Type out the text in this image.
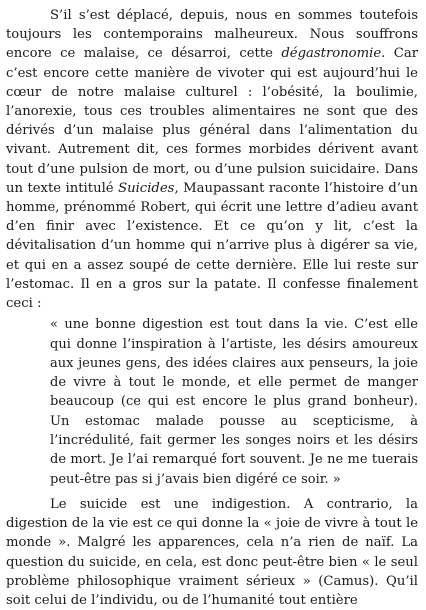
S’il s’est déplacé, depuis, nous en sommes toutefois toujours les contemporains malheureux. Nous souffrons encore ce malaise, ce désarroi, cette dégastronomie. Car c’est encore cette manière de vivoter qui est aujourd’hui le cœur de notre malaise culturel : l’obésité, la boulimie, l’anorexie, tous ces troubles alimentaires ne sont que des dérivés d’un malaise plus général dans l’alimentation du vivant. Autrement dit, ces formes morbides dérivent avant tout d’une pulsion de mort, ou d’une pulsion suicidaire. Dans un texte intitulé Suicides, Maupassant raconte l’histoire d’un homme, prénommé Robert, qui écrit une lettre d’adieu avant d’en finir avec l’existence. Et ce qu’on y lit, c’est la dévitalisation d’un homme qui n’arrive plus à digérer sa vie, et qui en a assez soupé de cette dernière. Elle lui reste sur l’estomac. Il en a gros sur la patate. Il confesse finalement ceci :

« une bonne digestion est tout dans la vie. C’est elle qui donne l’inspiration à l’artiste, les désirs amoureux aux jeunes gens, des idées claires aux penseurs, la joie de vivre à tout le monde, et elle permet de manger beaucoup (ce qui est encore le plus grand bonheur). Un estomac malade pousse au scepticisme, à l’incrédulité, fait germer les songes noirs et les désirs de mort. Je l’ai remarqué fort souvent. Je ne me tuerais peut-être pas si j’avais bien digéré ce soir. »

Le suicide est une indigestion. A contrario, la digestion de la vie est ce qui donne la « joie de vivre à tout le monde ». Malgré les apparences, cela n’a rien de naïf. La question du suicide, en cela, est donc peut-être bien « le seul problème philosophique vraiment sérieux » (Camus). Qu’il soit celui de l’individu, ou de l’humanité tout entière
